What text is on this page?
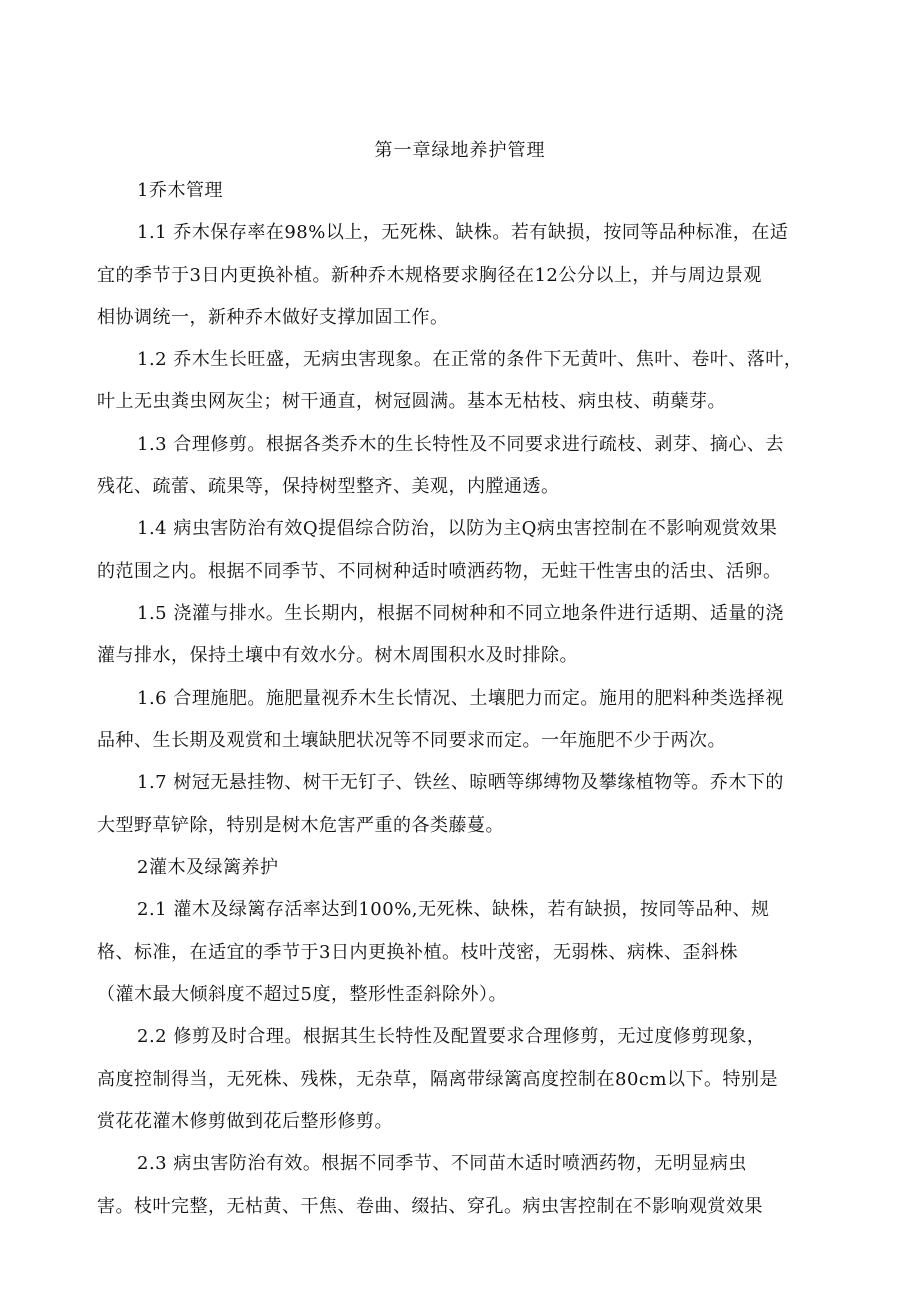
第一章绿地养护管理
1乔木管理
1.1 乔木保存率在98%以上，无死株、缺株。若有缺损，按同等品种标准，在适
宜的季节于3日内更换补植。新种乔木规格要求胸径在12公分以上，并与周边景观
相协调统一，新种乔木做好支撑加固工作。
1.2 乔木生长旺盛，无病虫害现象。在正常的条件下无黄叶、焦叶、卷叶、落叶，
叶上无虫粪虫网灰尘；树干通直，树冠圆满。基本无枯枝、病虫枝、萌蘖芽。
1.3 合理修剪。根据各类乔木的生长特性及不同要求进行疏枝、剥芽、摘心、去
残花、疏蕾、疏果等，保持树型整齐、美观，内膛通透。
1.4 病虫害防治有效Q提倡综合防治，以防为主Q病虫害控制在不影响观赏效果
的范围之内。根据不同季节、不同树种适时喷洒药物，无蛀干性害虫的活虫、活卵。
1.5 浇灌与排水。生长期内，根据不同树种和不同立地条件进行适期、适量的浇
灌与排水，保持土壤中有效水分。树木周围积水及时排除。
1.6 合理施肥。施肥量视乔木生长情况、土壤肥力而定。施用的肥料种类选择视
品种、生长期及观赏和土壤缺肥状况等不同要求而定。一年施肥不少于两次。
1.7 树冠无悬挂物、树干无钉子、铁丝、晾晒等绑缚物及攀缘植物等。乔木下的
大型野草铲除，特别是树木危害严重的各类藤蔓。
2灌木及绿篱养护
2.1 灌木及绿篱存活率达到100%,无死株、缺株，若有缺损，按同等品种、规
格、标准，在适宜的季节于3日内更换补植。枝叶茂密，无弱株、病株、歪斜株
（灌木最大倾斜度不超过5度，整形性歪斜除外）。
2.2 修剪及时合理。根据其生长特性及配置要求合理修剪，无过度修剪现象，
高度控制得当，无死株、残株，无杂草，隔离带绿篱高度控制在80cm以下。特别是
赏花花灌木修剪做到花后整形修剪。
2.3 病虫害防治有效。根据不同季节、不同苗木适时喷洒药物，无明显病虫
害。枝叶完整，无枯黄、干焦、卷曲、缀拈、穿孔。病虫害控制在不影响观赏效果
